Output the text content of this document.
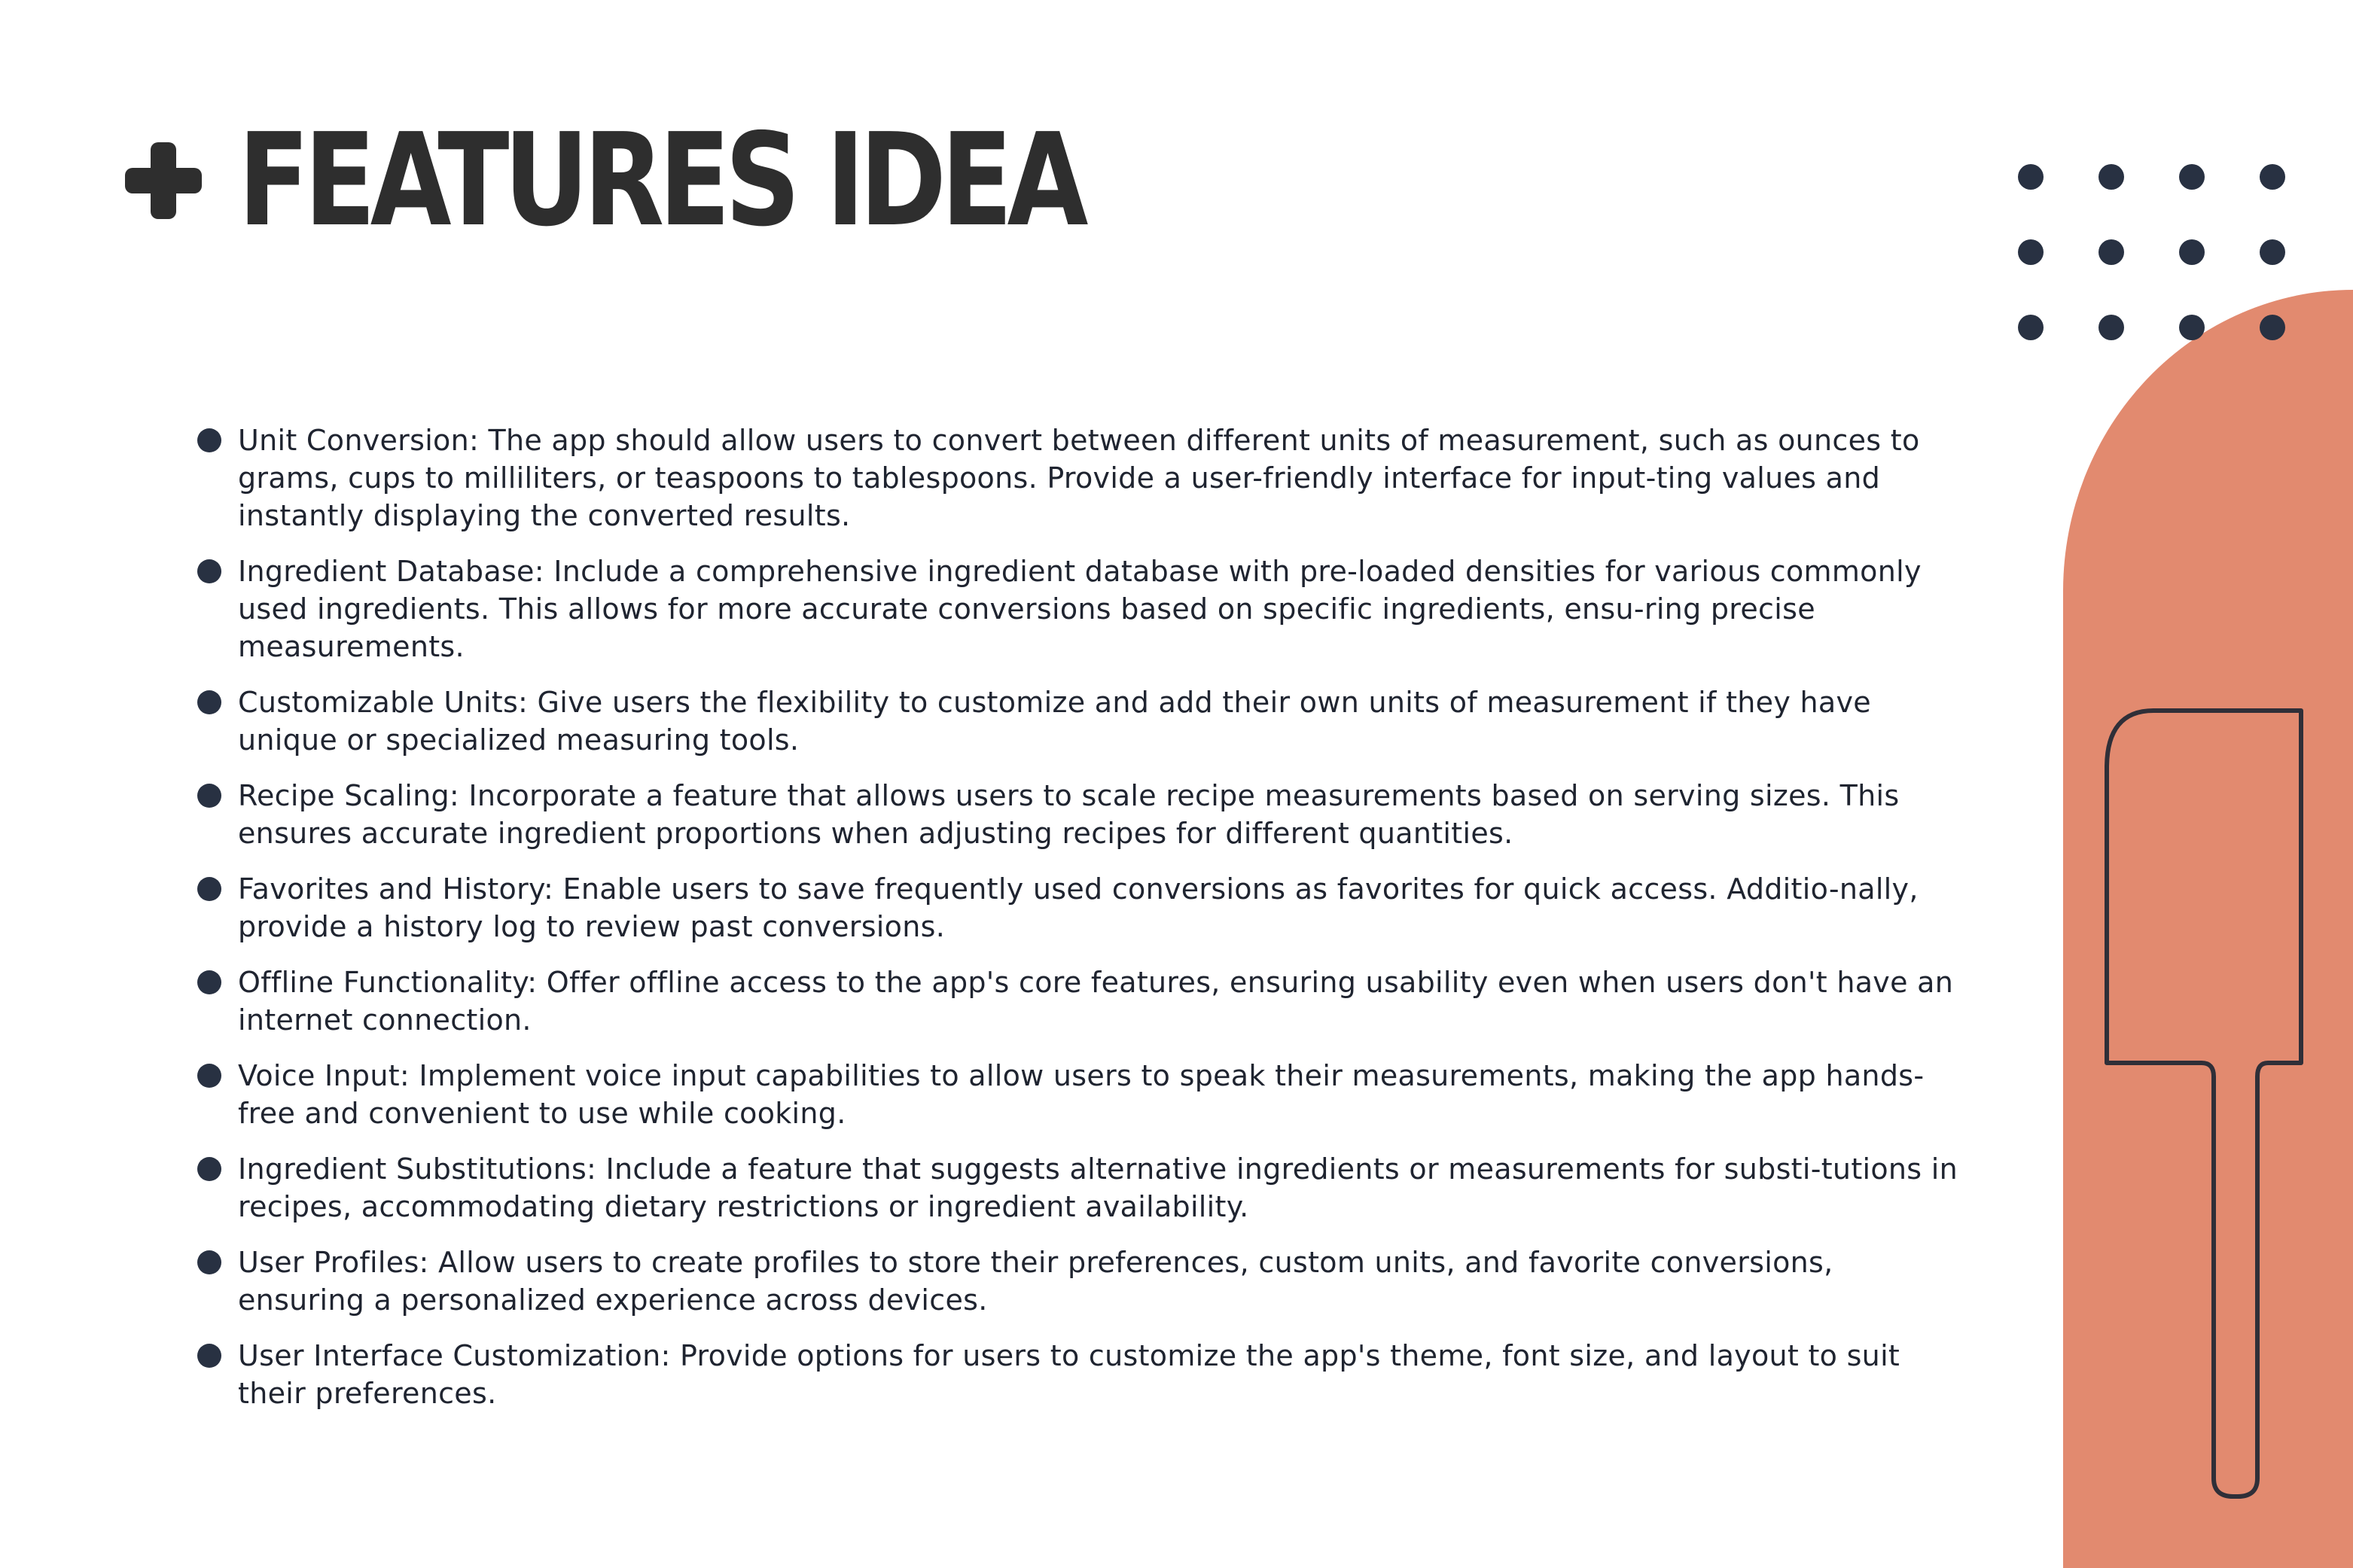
FEATURES IDEA
Unit Conversion: The app should allow users to convert between different units of measurement, such as ounces to grams, cups to milliliters, or teaspoons to tablespoons. Provide a user-friendly interface for input-ting values and instantly displaying the converted results.
Ingredient Database: Include a comprehensive ingredient database with pre-loaded densities for various commonly used ingredients. This allows for more accurate conversions based on specific ingredients, ensu-ring precise measurements.
Customizable Units: Give users the flexibility to customize and add their own units of measurement if they have unique or specialized measuring tools.
Recipe Scaling: Incorporate a feature that allows users to scale recipe measurements based on serving sizes. This ensures accurate ingredient proportions when adjusting recipes for different quantities.
Favorites and History: Enable users to save frequently used conversions as favorites for quick access. Additio-nally, provide a history log to review past conversions.
Offline Functionality: Offer offline access to the app's core features, ensuring usability even when users don't have an internet connection.
Voice Input: Implement voice input capabilities to allow users to speak their measurements, making the app hands-free and convenient to use while cooking.
Ingredient Substitutions: Include a feature that suggests alternative ingredients or measurements for substi-tutions in recipes, accommodating dietary restrictions or ingredient availability.
User Profiles: Allow users to create profiles to store their preferences, custom units, and favorite conversions, ensuring a personalized experience across devices.
User Interface Customization: Provide options for users to customize the app's theme, font size, and layout to suit their preferences.
